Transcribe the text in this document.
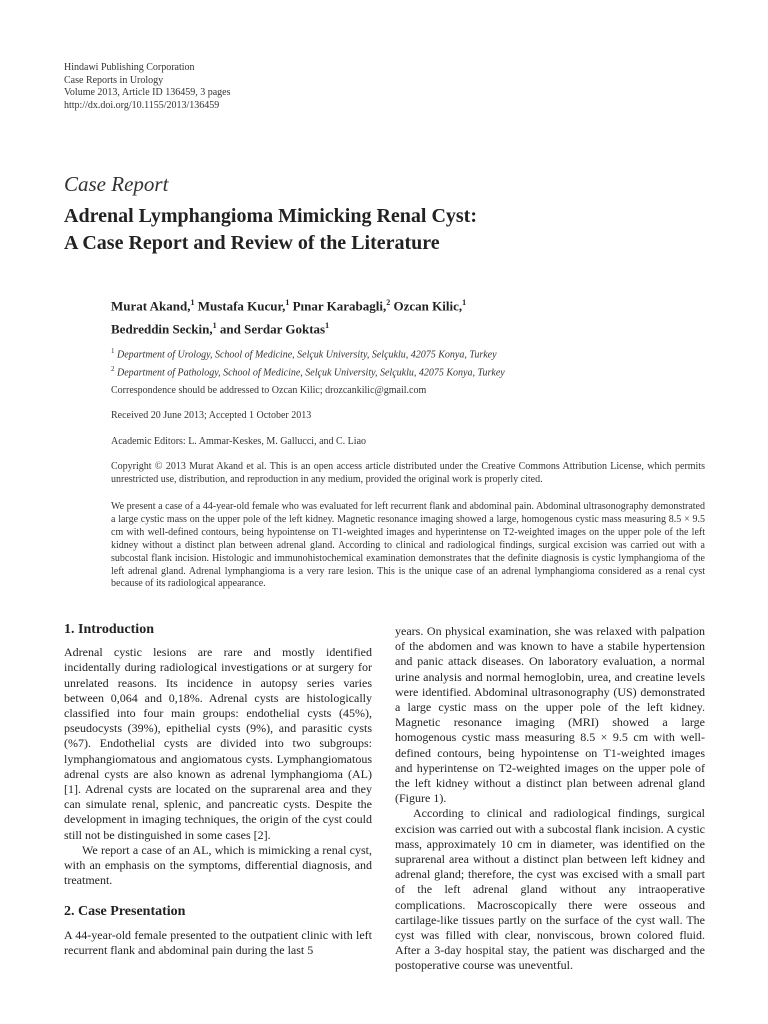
Hindawi Publishing Corporation
Case Reports in Urology
Volume 2013, Article ID 136459, 3 pages
http://dx.doi.org/10.1155/2013/136459
Case Report
Adrenal Lymphangioma Mimicking Renal Cyst:
A Case Report and Review of the Literature
Murat Akand,$^1$ Mustafa Kucur,$^1$ Pınar Karabagli,$^2$ Ozcan Kilic,$^1$
Bedreddin Seckin,$^1$ and Serdar Goktas$^1$
$^1$ Department of Urology, School of Medicine, Selçuk University, Selçuklu, 42075 Konya, Turkey
$^2$ Department of Pathology, School of Medicine, Selçuk University, Selçuklu, 42075 Konya, Turkey
Correspondence should be addressed to Ozcan Kilic; drozcankilic@gmail.com
Received 20 June 2013; Accepted 1 October 2013
Academic Editors: L. Ammar-Keskes, M. Gallucci, and C. Liao
Copyright © 2013 Murat Akand et al. This is an open access article distributed under the Creative Commons Attribution License, which permits unrestricted use, distribution, and reproduction in any medium, provided the original work is properly cited.
We present a case of a 44-year-old female who was evaluated for left recurrent flank and abdominal pain. Abdominal ultrasonography demonstrated a large cystic mass on the upper pole of the left kidney. Magnetic resonance imaging showed a large, homogenous cystic mass measuring 8.5 × 9.5 cm with well-defined contours, being hypointense on T1-weighted images and hyperintense on T2-weighted images on the upper pole of the left kidney without a distinct plan between adrenal gland. According to clinical and radiological findings, surgical excision was carried out with a subcostal flank incision. Histologic and immunohistochemical examination demonstrates that the definite diagnosis is cystic lymphangioma of the left adrenal gland. Adrenal lymphangioma is a very rare lesion. This is the unique case of an adrenal lymphangioma considered as a renal cyst because of its radiological appearance.
1. Introduction

Adrenal cystic lesions are rare and mostly identified incidentally during radiological investigations or at surgery for unrelated reasons. Its incidence in autopsy series varies between 0,064 and 0,18%. Adrenal cysts are histologically classified into four main groups: endothelial cysts (45%), pseudocysts (39%), epithelial cysts (9%), and parasitic cysts (%7). Endothelial cysts are divided into two subgroups: lymphangiomatous and angiomatous cysts. Lymphangiomatous adrenal cysts are also known as adrenal lymphangioma (AL) [1]. Adrenal cysts are located on the suprarenal area and they can simulate renal, splenic, and pancreatic cysts. Despite the development in imaging techniques, the origin of the cyst could still not be distinguished in some cases [2].

We report a case of an AL, which is mimicking a renal cyst, with an emphasis on the symptoms, differential diagnosis, and treatment.

2. Case Presentation

A 44-year-old female presented to the outpatient clinic with left recurrent flank and abdominal pain during the last 5

years. On physical examination, she was relaxed with palpation of the abdomen and was known to have a stabile hypertension and panic attack diseases. On laboratory evaluation, a normal urine analysis and normal hemoglobin, urea, and creatine levels were identified. Abdominal ultrasonography (US) demonstrated a large cystic mass on the upper pole of the left kidney. Magnetic resonance imaging (MRI) showed a large homogenous cystic mass measuring 8.5 × 9.5 cm with well-defined contours, being hypointense on T1-weighted images and hyperintense on T2-weighted images on the upper pole of the left kidney without a distinct plan between adrenal gland (Figure 1).

According to clinical and radiological findings, surgical excision was carried out with a subcostal flank incision. A cystic mass, approximately 10 cm in diameter, was identified on the suprarenal area without a distinct plan between left kidney and adrenal gland; therefore, the cyst was excised with a small part of the left adrenal gland without any intraoperative complications. Macroscopically there were osseous and cartilage-like tissues partly on the surface of the cyst wall. The cyst was filled with clear, nonviscous, brown colored fluid. After a 3-day hospital stay, the patient was discharged and the postoperative course was uneventful.
